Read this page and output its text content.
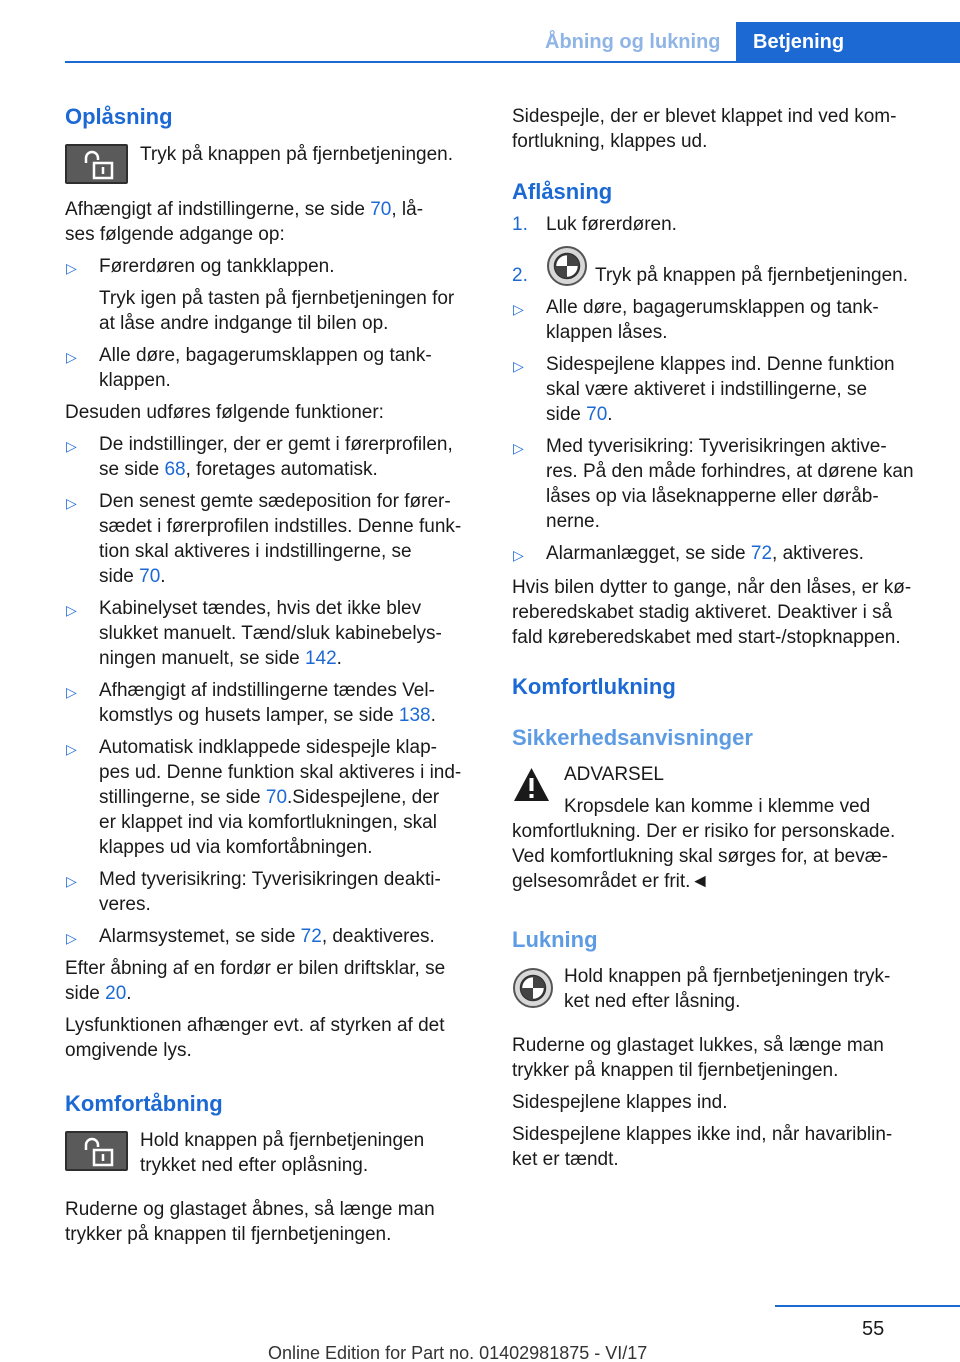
Åbning og lukning	Betjening
Oplåsning
Tryk på knappen på fjernbetjeningen.
Afhængigt af indstillingerne, se side 70, lå‐
ses følgende adgange op:
▷ Førerdøren og tankklappen.
Tryk igen på tasten på fjernbetjeningen for
at låse andre indgange til bilen op.
▷ Alle døre, bagagerumsklappen og tank‐
klappen.
Desuden udføres følgende funktioner:
▷ De indstillinger, der er gemt i førerprofilen,
se side 68, foretages automatisk.
▷ Den senest gemte sædeposition for fører‐
sædet i førerprofilen indstilles. Denne funk‐
tion skal aktiveres i indstillingerne, se
side 70.
▷ Kabinelyset tændes, hvis det ikke blev
slukket manuelt. Tænd/sluk kabinebelys‐
ningen manuelt, se side 142.
▷ Afhængigt af indstillingerne tændes Vel‐
komstlys og husets lamper, se side 138.
▷ Automatisk indklappede sidespejle klap‐
pes ud. Denne funktion skal aktiveres i ind‐
stillingerne, se side 70.Sidespejlene, der
er klappet ind via komfortlukningen, skal
klappes ud via komfortåbningen.
▷ Med tyverisikring: Tyverisikringen deakti‐
veres.
▷ Alarmsystemet, se side 72, deaktiveres.
Efter åbning af en fordør er bilen driftsklar, se
side 20.
Lysfunktionen afhænger evt. af styrken af det
omgivende lys.
Komfortåbning
Hold knappen på fjernbetjeningen
trykket ned efter oplåsning.
Ruderne og glastaget åbnes, så længe man
trykker på knappen til fjernbetjeningen.
Sidespejle, der er blevet klappet ind ved kom‐
fortlukning, klappes ud.
Aflåsning
1. Luk førerdøren.
2.	Tryk på knappen på fjernbetjeningen.
▷ Alle døre, bagagerumsklappen og tank‐
klappen låses.
▷ Sidespejlene klappes ind. Denne funktion
skal være aktiveret i indstillingerne, se
side 70.
▷ Med tyverisikring: Tyverisikringen aktive‐
res. På den måde forhindres, at dørene kan
låses op via låseknapperne eller døråb‐
nerne.
▷ Alarmanlægget, se side 72, aktiveres.
Hvis bilen dytter to gange, når den låses, er kø‐
reberedskabet stadig aktiveret. Deaktiver i så
fald køreberedskabet med start-/stopknappen.
Komfortlukning
Sikkerhedsanvisninger
ADVARSEL
Kropsdele kan komme i klemme ved
komfortlukning. Der er risiko for personskade.
Ved komfortlukning skal sørges for, at bevæ‐
gelsesområdet er frit.◄
Lukning
Hold knappen på fjernbetjeningen tryk‐
ket ned efter låsning.
Ruderne og glastaget lukkes, så længe man
trykker på knappen til fjernbetjeningen.
Sidespejlene klappes ind.
Sidespejlene klappes ikke ind, når havariblin‐
ket er tændt.
55
Online Edition for Part no. 01402981875 - VI/17
